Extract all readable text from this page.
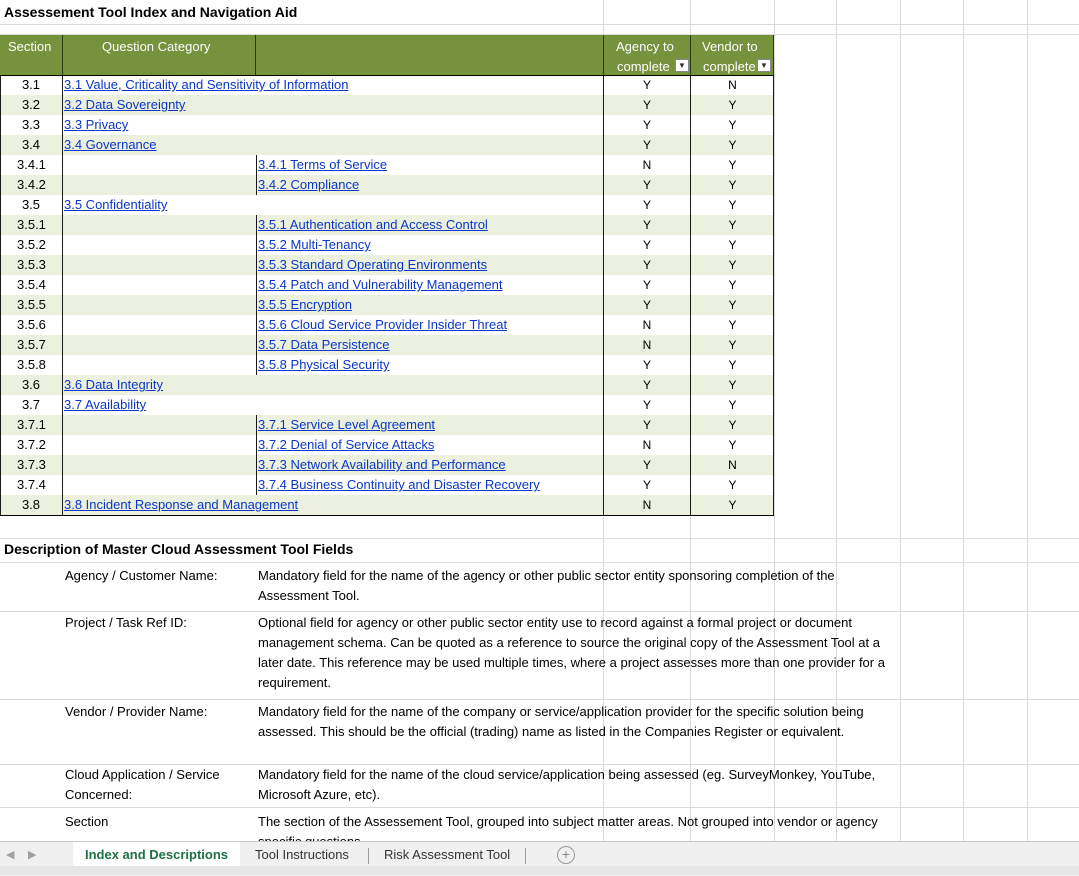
Assessement Tool Index and Navigation Aid
Section	Question Category	Agency to
complete	▼
Vendor to
complete ▼
3.1	3.1 Value, Criticality and Sensitivity of Information	Y	N
3.2	3.2 Data Sovereignty	Y	Y
3.3	3.3 Privacy	Y	Y
3.4	3.4 Governance	Y	Y
3.4.1	3.4.1 Terms of Service	N	Y
3.4.2	3.4.2 Compliance	Y	Y
3.5	3.5 Confidentiality	Y	Y
3.5.1	3.5.1 Authentication and Access Control	Y	Y
3.5.2	3.5.2 Multi-Tenancy	Y	Y
3.5.3	3.5.3 Standard Operating Environments	Y	Y
3.5.4	3.5.4 Patch and Vulnerability Management	Y	Y
3.5.5	3.5.5 Encryption	Y	Y
3.5.6	3.5.6 Cloud Service Provider Insider Threat	N	Y
3.5.7	3.5.7 Data Persistence	N	Y
3.5.8	3.5.8 Physical Security	Y	Y
3.6	3.6 Data Integrity	Y	Y
3.7	3.7 Availability	Y	Y
3.7.1	3.7.1 Service Level Agreement	Y	Y
3.7.2	3.7.2 Denial of Service Attacks	N	Y
3.7.3	3.7.3 Network Availability and Performance	Y	N
3.7.4	3.7.4 Business Continuity and Disaster Recovery	Y	Y
3.8	3.8 Incident Response and Management	N	Y
Description of Master Cloud Assessment Tool Fields
Agency / Customer Name:	Mandatory field for the name of the agency or other public sector entity sponsoring completion of the Assessment Tool.
Project / Task Ref ID:	Optional field for agency or other public sector entity use to record against a formal project or document management schema. Can be quoted as a reference to source the original copy of the Assessment Tool at a later date. This reference may be used multiple times, where a project assesses more than one provider for a requirement.
Vendor / Provider Name:	Mandatory field for the name of the company or service/application provider for the specific solution being assessed. This should be the official (trading) name as listed in the Companies Register or equivalent.
Cloud Application / Service Concerned:
Mandatory field for the name of the cloud service/application being assessed (eg. SurveyMonkey, YouTube, Microsoft Azure, etc).
Section	The section of the Assessement Tool, grouped into subject matter areas. Not grouped into vendor or agency
◀ ▶	Index and Descriptions	Tool Instructions	Risk Assessment Tool	+
